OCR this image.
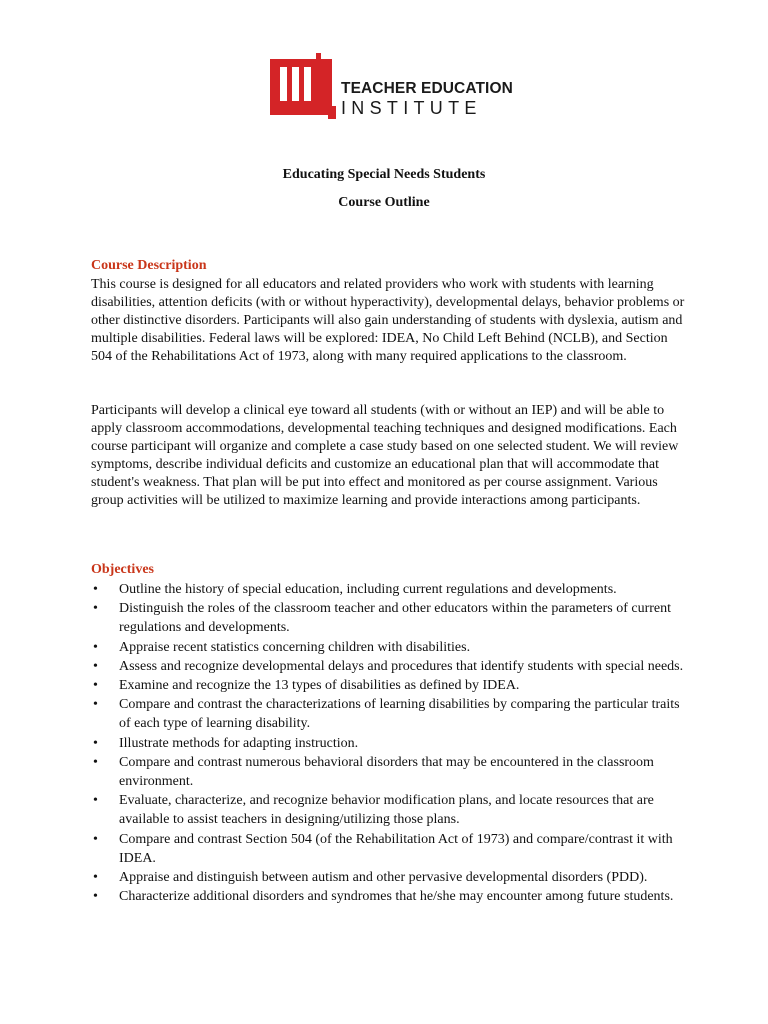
TEACHER EDUCATION
INSTITUTE
Educating Special Needs Students
Course Outline
Course Description

This course is designed for all educators and related providers who work with students with learning disabilities, attention deficits (with or without hyperactivity), developmental delays, behavior problems or other distinctive disorders. Participants will also gain understanding of students with dyslexia, autism and multiple disabilities. Federal laws will be explored: IDEA, No Child Left Behind (NCLB), and Section 504 of the Rehabilitations Act of 1973, along with many required applications to the classroom.

Participants will develop a clinical eye toward all students (with or without an IEP) and will be able to apply classroom accommodations, developmental teaching techniques and designed modifications. Each course participant will organize and complete a case study based on one selected student. We will review symptoms, describe individual deficits and customize an educational plan that will accommodate that student's weakness. That plan will be put into effect and monitored as per course assignment. Various group activities will be utilized to maximize learning and provide interactions among participants.

Objectives
• Outline the history of special education, including current regulations and developments.
• Distinguish the roles of the classroom teacher and other educators within the parameters of current regulations and developments.
• Appraise recent statistics concerning children with disabilities.
• Assess and recognize developmental delays and procedures that identify students with special needs.
• Examine and recognize the 13 types of disabilities as defined by IDEA.
• Compare and contrast the characterizations of learning disabilities by comparing the particular traits of each type of learning disability.
• Illustrate methods for adapting instruction.
• Compare and contrast numerous behavioral disorders that may be encountered in the classroom environment.
• Evaluate, characterize, and recognize behavior modification plans, and locate resources that are available to assist teachers in designing/utilizing those plans.
• Compare and contrast Section 504 (of the Rehabilitation Act of 1973) and compare/contrast it with IDEA.
• Appraise and distinguish between autism and other pervasive developmental disorders (PDD).
• Characterize additional disorders and syndromes that he/she may encounter among future students.
